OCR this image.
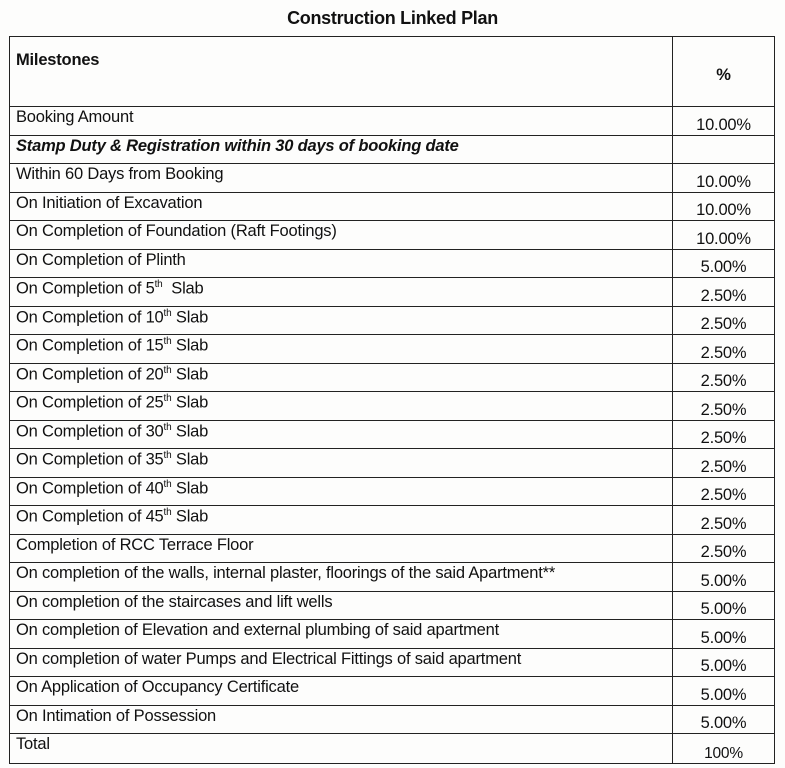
Construction Linked Plan
Milestones	%
Booking Amount	10.00%
Stamp Duty & Registration within 30 days of booking date	
Within 60 Days from Booking	10.00%
On Initiation of Excavation	10.00%
On Completion of Foundation (Raft Footings)	10.00%
On Completion of Plinth	5.00%
On Completion of 5th  Slab	2.50%
On Completion of 10th Slab	2.50%
On Completion of 15th Slab	2.50%
On Completion of 20th Slab	2.50%
On Completion of 25th Slab	2.50%
On Completion of 30th Slab	2.50%
On Completion of 35th Slab	2.50%
On Completion of 40th Slab	2.50%
On Completion of 45th Slab	2.50%
Completion of RCC Terrace Floor	2.50%
On completion of the walls, internal plaster, floorings of the said Apartment**	5.00%
On completion of the staircases and lift wells	5.00%
On completion of Elevation and external plumbing of said apartment	5.00%
On completion of water Pumps and Electrical Fittings of said apartment	5.00%
On Application of Occupancy Certificate	5.00%
On Intimation of Possession	5.00%
Total	100%
